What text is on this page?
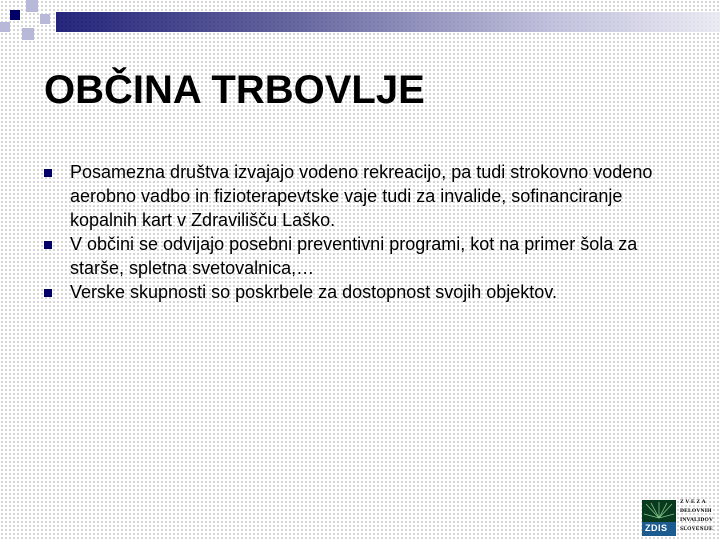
OBČINA TRBOVLJE
Posamezna društva izvajajo vodeno rekreacijo, pa tudi strokovno vodeno aerobno vadbo in fizioterapevtske vaje tudi za invalide, sofinanciranje kopalnih kart v Zdravilišču Laško.
V občini se odvijajo posebni preventivni programi, kot na primer šola za starše, spletna svetovalnica,…
Verske skupnosti so poskrbele za dostopnost svojih objektov.
ZDIS
Z V E Z A
DELOVNIH
INVALIDOV
SLOVENIJE
